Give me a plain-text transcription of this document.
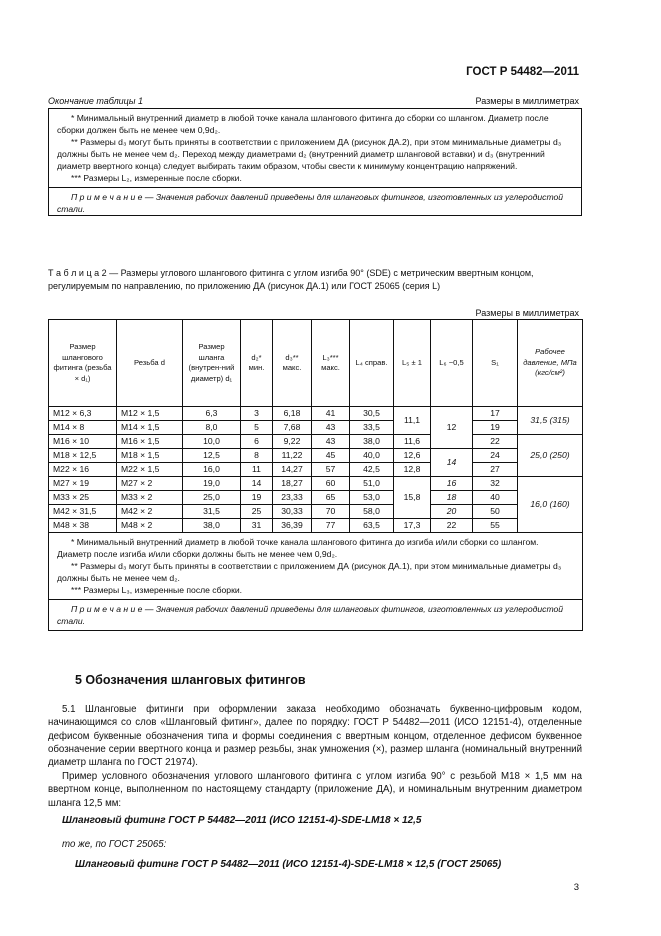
ГОСТ Р 54482—2011
Окончание таблицы 1	Размеры в миллиметрах
* Минимальный внутренний диаметр в любой точке канала шлангового фитинга до сборки со шлангом. Диаметр после сборки должен быть не менее чем 0,9d₂.
** Размеры d₃ могут быть приняты в соответствии с приложением ДА (рисунок ДА.2), при этом минимальные диаметры d₃ должны быть не менее чем d₂. Переход между диаметрами d₂ (внутренний диаметр шланговой вставки) и d₃ (внутренний диаметр ввертного конца) следует выбирать таким образом, чтобы свести к минимуму концентрацию напряжений.
*** Размеры L₂, измеренные после сборки.
П р и м е ч а н и е — Значения рабочих давлений приведены для шланговых фитингов, изготовленных из углеродистой стали.
Т а б л и ц а 2 — Размеры углового шлангового фитинга с углом изгиба 90° (SDE) с метрическим ввертным концом, регулируемым по направлению, по приложению ДА (рисунок ДА.1) или ГОСТ 25065 (серия L)
Размеры в миллиметрах
Размер шлангового фитинга (резьба × d₁)	Резьба d	Размер шланга (внутрен-ний диаметр) d₁	d₂* мин.	d₃** макс.	L₃*** макс.	L₄ справ.	L₅ ± 1	L₆ −0,5	S₁	Рабочее давление, МПа (кгс/см²)
M12 × 6,3	M12 × 1,5	6,3	3	6,18	41	30,5	11,1	12	17	31,5 (315)
M14 × 8	M14 × 1,5	8,0	5	7,68	43	33,5			19	
M16 × 10	M16 × 1,5	10,0	6	9,22	43	38,0	11,6		22	25,0 (250)
M18 × 12,5	M18 × 1,5	12,5	8	11,22	45	40,0	12,6	14	24	
M22 × 16	M22 × 1,5	16,0	11	14,27	57	42,5	12,8		27	
M27 × 19	M27 × 2	19,0	14	18,27	60	51,0	15,8	16	32	16,0 (160)
M33 × 25	M33 × 2	25,0	19	23,33	65	53,0		18	40	
M42 × 31,5	M42 × 2	31,5	25	30,33	70	58,0		20	50	
M48 × 38	M48 × 2	38,0	31	36,39	77	63,5	17,3	22	55	

* Минимальный внутренний диаметр в любой точке канала шлангового фитинга до изгиба и/или сборки со шлангом. Диаметр после изгиба и/или сборки должны быть не менее чем 0,9d₂.
** Размеры d₃ могут быть приняты в соответствии с приложением ДА (рисунок ДА.1), при этом минимальные диаметры d₃ должны быть не менее чем d₂.
*** Размеры L₃, измеренные после сборки.										

П р и м е ч а н и е — Значения рабочих давлений приведены для шланговых фитингов, изготовленных из углеродистой стали.										
5 Обозначения шланговых фитингов
5.1 Шланговые фитинги при оформлении заказа необходимо обозначать буквенно-цифровым кодом, начинающимся со слов «Шланговый фитинг», далее по порядку: ГОСТ Р 54482—2011 (ИСО 12151-4), отделенные дефисом буквенные обозначения типа и формы соединения с ввертным концом, отделенное дефисом буквенное обозначение серии ввертного конца и размер резьбы, знак умножения (×), размер шланга (номинальный внутренний диаметр шланга по ГОСТ 21974).
Пример условного обозначения углового шлангового фитинга с углом изгиба 90° с резьбой M18 × 1,5 мм на ввертном конце, выполненном по настоящему стандарту (приложение ДА), и номинальным внутренним диаметром шланга 12,5 мм:
Шланговый фитинг ГОСТ Р 54482—2011 (ИСО 12151-4)-SDE-LM18 × 12,5
то же, по ГОСТ 25065:
Шланговый фитинг ГОСТ Р 54482—2011 (ИСО 12151-4)-SDE-LM18 × 12,5 (ГОСТ 25065)
3
